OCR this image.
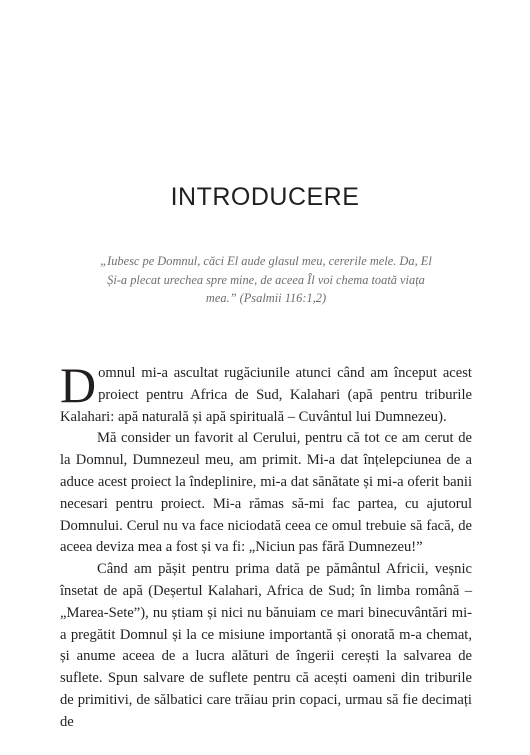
INTRODUCERE
„Iubesc pe Domnul, căci El aude glasul meu, cererile mele. Da, El Și-a plecat urechea spre mine, de aceea Îl voi chema toată viața mea.” (Psalmii 116:1,2)

Domnul mi-a ascultat rugăciunile atunci când am început acest proiect pentru Africa de Sud, Kalahari (apă pentru triburile Kalahari: apă naturală și apă spirituală – Cuvântul lui Dumnezeu).

Mă consider un favorit al Cerului, pentru că tot ce am cerut de la Domnul, Dumnezeul meu, am primit. Mi-a dat înțelepciunea de a aduce acest proiect la îndeplinire, mi-a dat sănătate și mi-a oferit banii necesari pentru proiect. Mi-a rămas să-mi fac partea, cu ajutorul Domnului. Cerul nu va face niciodată ceea ce omul trebuie să facă, de aceea deviza mea a fost și va fi: „Niciun pas fără Dumnezeu!”

Când am pășit pentru prima dată pe pământul Africii, veșnic însetat de apă (Deșertul Kalahari, Africa de Sud; în limba română – „Marea-Sete”), nu știam și nici nu bănuiam ce mari binecuvântări mi-a pregătit Domnul și la ce misiune importantă și onorată m-a chemat, și anume aceea de a lucra alături de îngerii cerești la salvarea de suflete. Spun salvare de suflete pentru că acești oameni din triburile de primitivi, de sălbatici care trăiau prin copaci, urmau să fie decimați de
